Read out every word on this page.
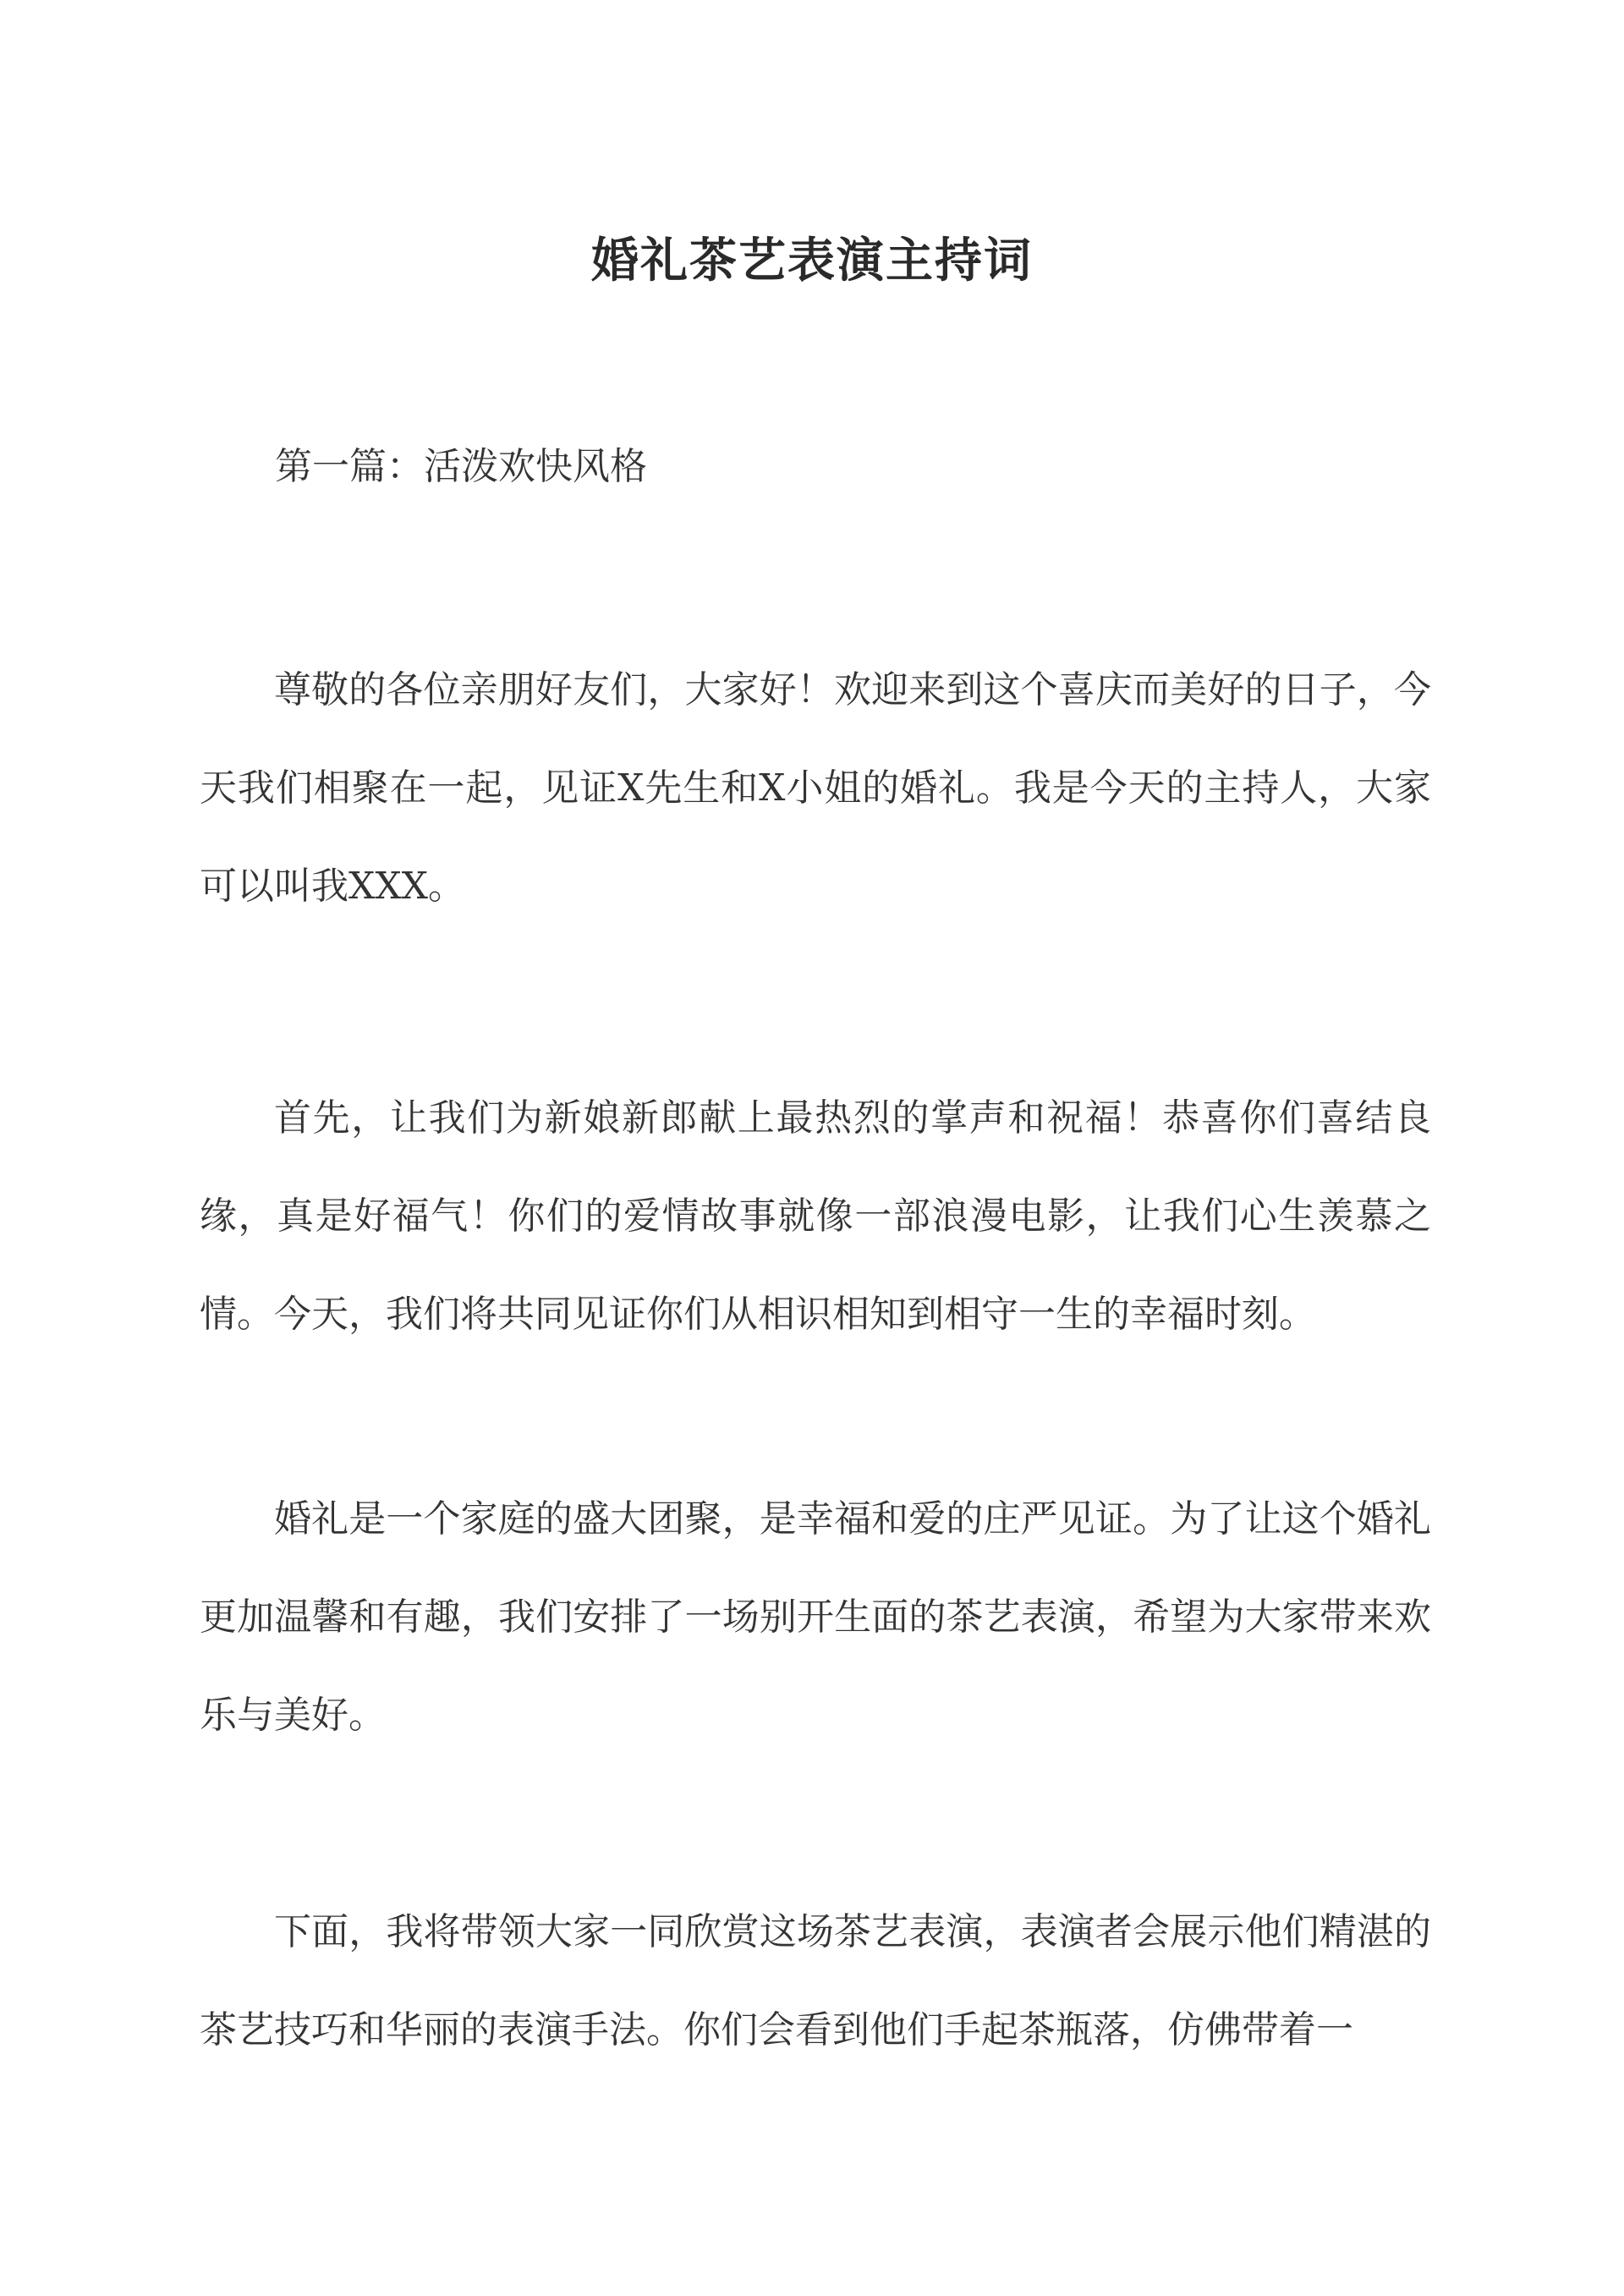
婚礼茶艺表演主持词
第一篇：活泼欢快风格

尊敬的各位亲朋好友们，大家好！欢迎来到这个喜庆而美好的日子，今天我们相聚在一起，见证X先生和X小姐的婚礼。我是今天的主持人，大家可以叫我XXX。

首先，让我们为新娘新郎献上最热烈的掌声和祝福！恭喜你们喜结良缘，真是好福气！你们的爱情故事就像一部浪漫电影，让我们心生羡慕之情。今天，我们将共同见证你们从相识相知到相守一生的幸福时刻。

婚礼是一个家庭的盛大团聚，是幸福和爱的庄严见证。为了让这个婚礼更加温馨和有趣，我们安排了一场别开生面的茶艺表演，希望为大家带来欢乐与美好。

下面，我将带领大家一同欣赏这场茶艺表演，表演者会展示他们精湛的茶艺技巧和华丽的表演手法。你们会看到他们手起茶瓶落，仿佛带着一
